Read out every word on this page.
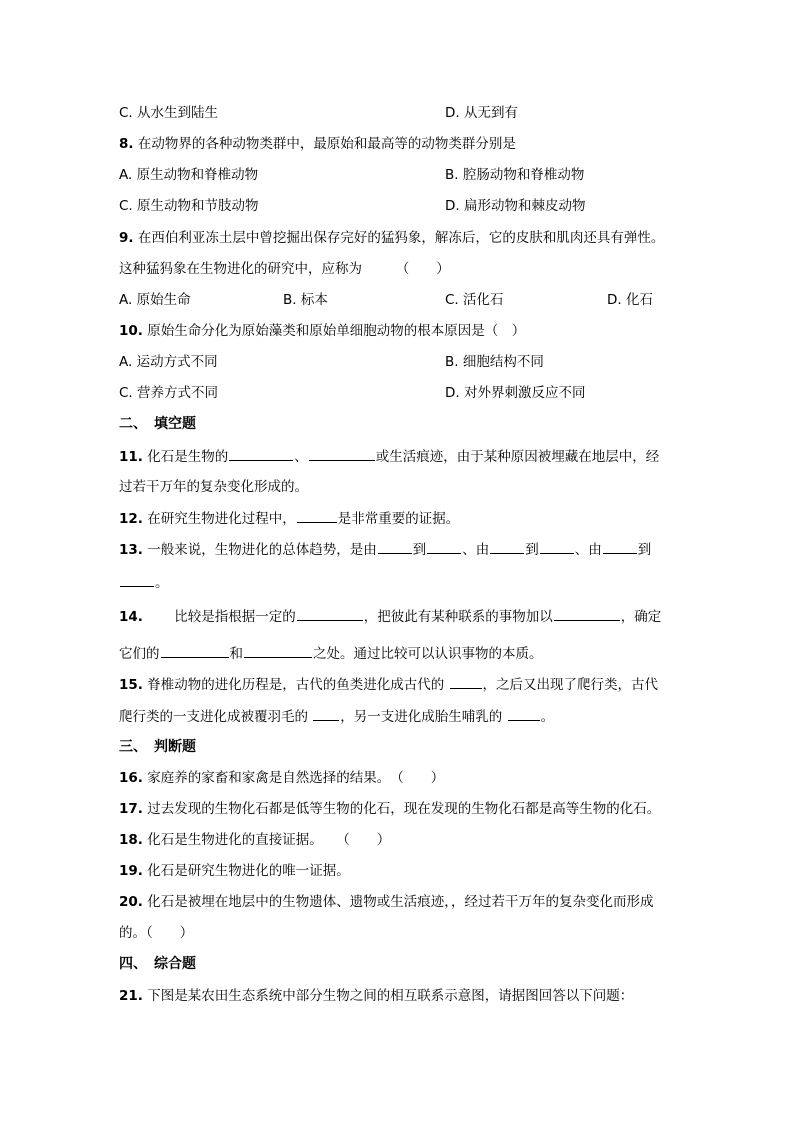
C. 从水生到陆生	D. 从无到有
8. 在动物界的各种动物类群中，最原始和最高等的动物类群分别是
A. 原生动物和脊椎动物	B. 腔肠动物和脊椎动物
C. 原生动物和节肢动物	D. 扁形动物和棘皮动物
9. 在西伯利亚冻土层中曾挖掘出保存完好的猛犸象，解冻后，它的皮肤和肌肉还具有弹性。
这种猛犸象在生物进化的研究中，应称为　　　（　　）
A. 原始生命	B. 标本	C. 活化石	D. 化石
10. 原始生命分化为原始藻类和原始单细胞动物的根本原因是（　）
A. 运动方式不同	B. 细胞结构不同
C. 营养方式不同	D. 对外界刺激反应不同
二、　填空题
11. 化石是生物的	、	或生活痕迹，由于某种原因被埋藏在地层中，经
过若干万年的复杂变化形成的。
12. 在研究生物进化过程中，	是非常重要的证据。
13. 一般来说，生物进化的总体趋势，是由	到	、由	到	、由	到
。
14. 　　比较是指根据一定的	，把彼此有某种联系的事物加以	，确定
它们的	和	之处。通过比较可以认识事物的本质。
15. 脊椎动物的进化历程是，古代的鱼类进化成古代的	，之后又出现了爬行类，古代
爬行类的一支进化成被覆羽毛的 ，另一支进化成胎生哺乳的	。
三、　判断题
16. 家庭养的家畜和家禽是自然选择的结果。　（　　）
17. 过去发现的生物化石都是低等生物的化石，现在发现的生物化石都是高等生物的化石。
18. 化石是生物进化的直接证据。　　（　　）
19. 化石是研究生物进化的唯一证据。
20. 化石是被埋在地层中的生物遗体、遗物或生活痕迹，，经过若干万年的复杂变化而形成
的。（　　）
四、　综合题
21. 下图是某农田生态系统中部分生物之间的相互联系示意图，请据图回答以下问题：
